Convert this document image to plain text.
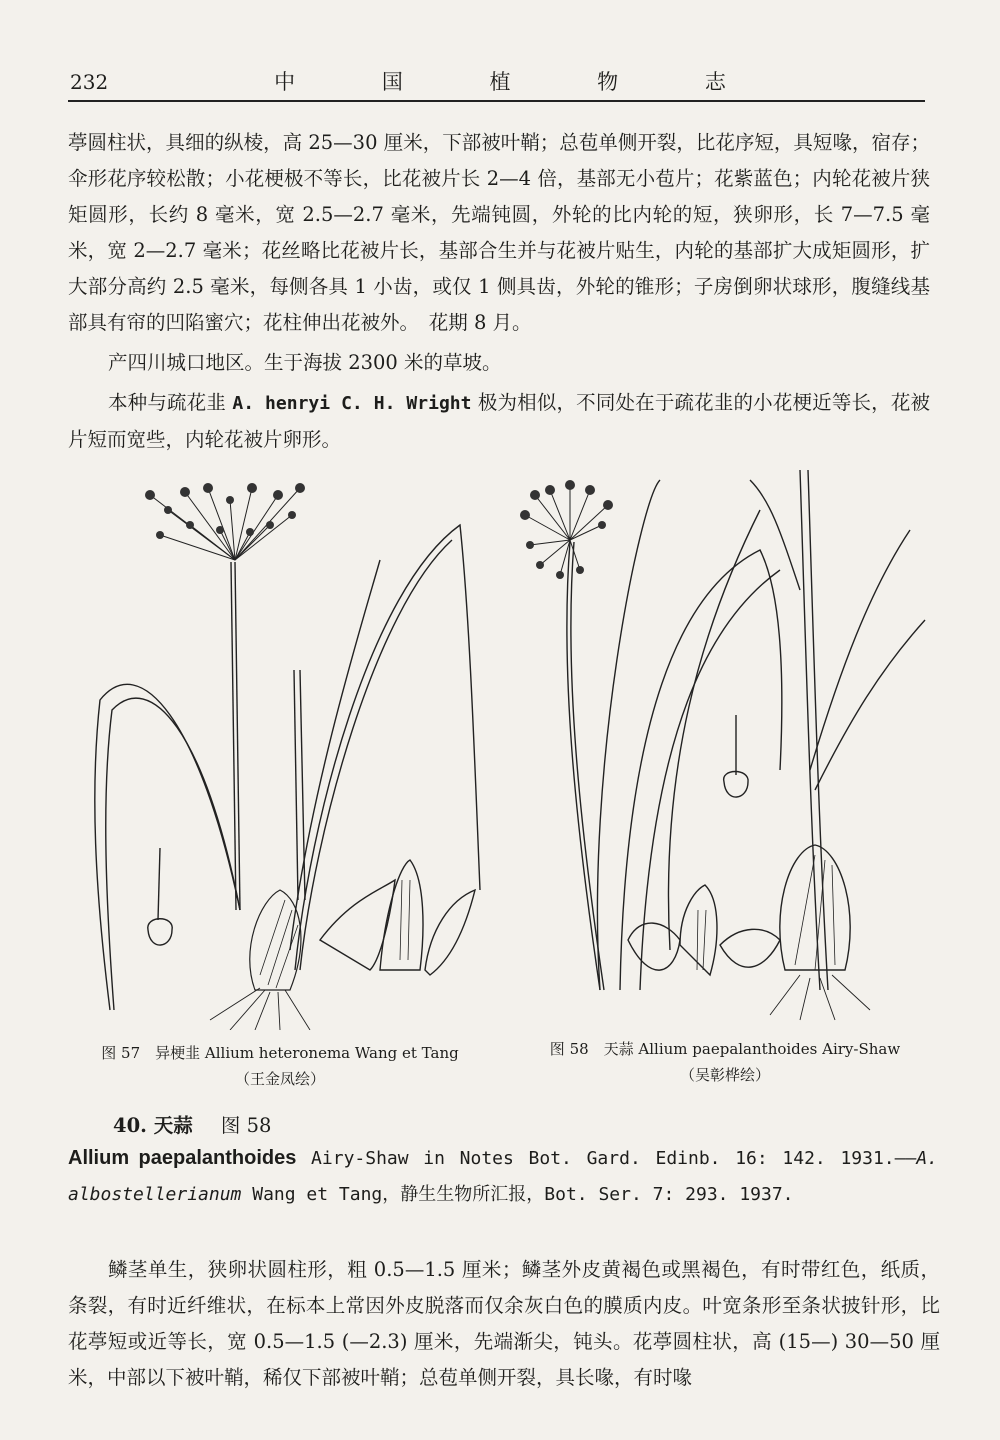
232	中 国 植 物 志

葶圆柱状，具细的纵棱，高 25—30 厘米，下部被叶鞘；总苞单侧开裂，比花序短，具短喙，宿存；伞形花序较松散；小花梗极不等长，比花被片长 2—4 倍，基部无小苞片；花紫蓝色；内轮花被片狭矩圆形，长约 8 毫米，宽 2.5—2.7 毫米，先端钝圆，外轮的比内轮的短，狭卵形，长 7—7.5 毫米，宽 2—2.7 毫米；花丝略比花被片长，基部合生并与花被片贴生，内轮的基部扩大成矩圆形，扩大部分高约 2.5 毫米，每侧各具 1 小齿，或仅 1 侧具齿，外轮的锥形；子房倒卵状球形，腹缝线基部具有帘的凹陷蜜穴；花柱伸出花被外。　花期 8 月。

产四川城口地区。生于海拔 2300 米的草坡。

本种与疏花韭 A. henryi C. H. Wright 极为相似，不同处在于疏花韭的小花梗近等长，花被片短而宽些，内轮花被片卵形。

图 57　异梗韭 Allium heteronema Wang et Tang
（王金凤绘）
图 58　天蒜 Allium paepalanthoides Airy-Shaw
（吴彰桦绘）
40. 天蒜 图 58
Allium paepalanthoides Airy-Shaw in Notes Bot. Gard. Edinb. 16: 142. 1931.——A. albostellerianum Wang et Tang，静生生物所汇报，Bot. Ser. 7: 293. 1937.

鳞茎单生，狭卵状圆柱形，粗 0.5—1.5 厘米；鳞茎外皮黄褐色或黑褐色，有时带红色，纸质，条裂，有时近纤维状，在标本上常因外皮脱落而仅余灰白色的膜质内皮。叶宽条形至条状披针形，比花葶短或近等长，宽 0.5—1.5 (—2.3) 厘米，先端渐尖，钝头。花葶圆柱状，高 (15—) 30—50 厘米，中部以下被叶鞘，稀仅下部被叶鞘；总苞单侧开裂，具长喙，有时喙
